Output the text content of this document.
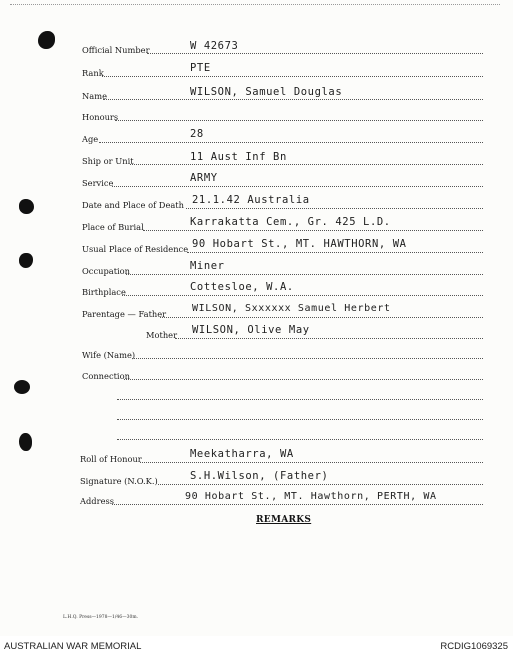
Official Number	W 42673
Rank	PTE
Name	WILSON, Samuel Douglas
Honours
Age	28
Ship or Unit	11 Aust Inf Bn
Service	ARMY
Date and Place of Death 21.1.42 Australia
Place of Burial	Karrakatta Cem., Gr. 425 L.D.
Usual Place of Residence 90 Hobart St., MT. HAWTHORN, WA
Occupation	Miner
Birthplace	Cottesloe, W.A.
Parentage — Father	WILSON, Sxxxxxx Samuel Herbert
Mother WILSON, Olive May
Wife (Name)
Connection
Roll of Honour	Meekatharra, WA
Signature (N.O.K.)	S.H.Wilson, (Father)
Address	90 Hobart St., MT. Hawthorn, PERTH, WA
REMARKS
L.H.Q. Press—1978—1/46—30m.
AUSTRALIAN WAR MEMORIAL	RCDIG1069325
